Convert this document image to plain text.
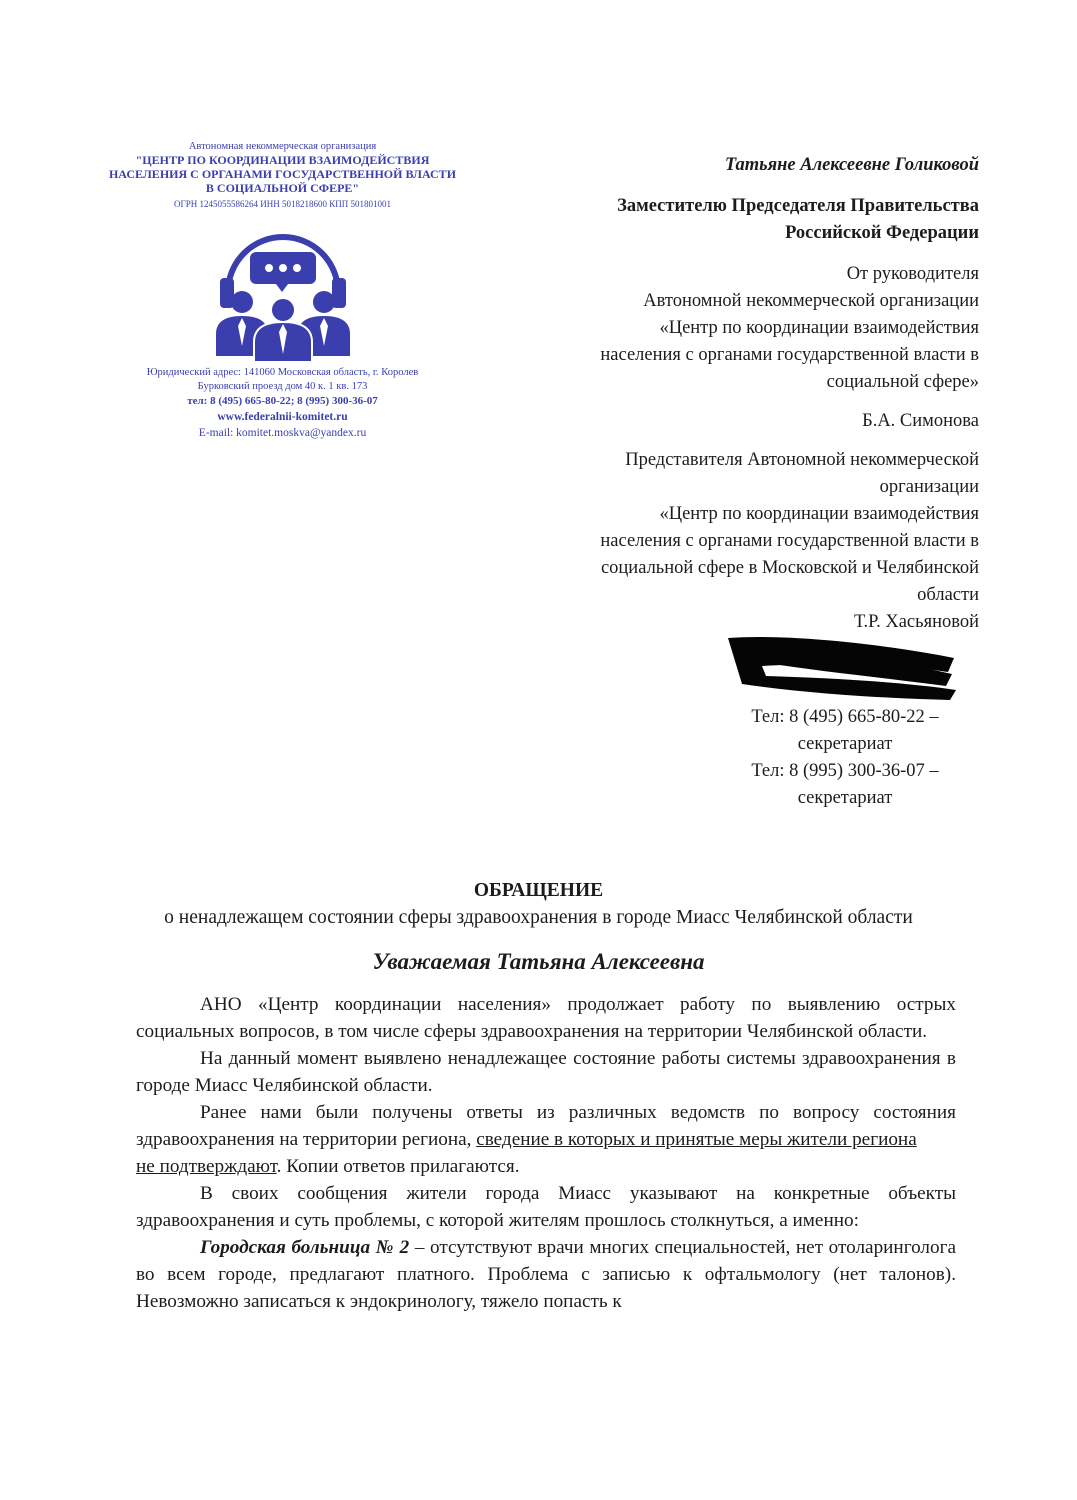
Автономная некоммерческая организация
"ЦЕНТР ПО КООРДИНАЦИИ ВЗАИМОДЕЙСТВИЯ
НАСЕЛЕНИЯ С ОРГАНАМИ ГОСУДАРСТВЕННОЙ ВЛАСТИ
В СОЦИАЛЬНОЙ СФЕРЕ"
ОГРН 1245055586264 ИНН 5018218600 КПП 501801001
Юридический адрес: 141060 Московская область, г. Королев
Бурковский проезд дом 40 к. 1 кв. 173
тел: 8 (495) 665-80-22; 8 (995) 300-36-07
www.federalnii-komitet.ru
E-mail: komitet.moskva@yandex.ru
Татьяне Алексеевне Голиковой
Заместителю Председателя Правительства
Российской Федерации
От руководителя
Автономной некоммерческой организации
«Центр по координации взаимодействия
населения с органами государственной власти в
социальной сфере»
Б.А. Симонова
Представителя Автономной некоммерческой
организации
«Центр по координации взаимодействия
населения с органами государственной власти в
социальной сфере в Московской и Челябинской
области
Т.Р. Хасьяновой
Тел: 8 (495) 665-80-22 –
секретариат
Тел: 8 (995) 300-36-07 –
секретариат
ОБРАЩЕНИЕ
о ненадлежащем состоянии сферы здравоохранения в городе Миасс Челябинской области
Уважаемая Татьяна Алексеевна

АНО «Центр координации населения» продолжает работу по выявлению острых социальных вопросов, в том числе сферы здравоохранения на территории Челябинской области.

На данный момент выявлено ненадлежащее состояние работы системы здравоохранения в городе Миасс Челябинской области.

Ранее нами были получены ответы из различных ведомств по вопросу состояния здравоохранения на территории региона, сведение в которых и принятые меры жители региона
не подтверждают. Копии ответов прилагаются.

В своих сообщения жители города Миасс указывают на конкретные объекты здравоохранения и суть проблемы, с которой жителям прошлось столкнуться, а именно:

Городская больница № 2 – отсутствуют врачи многих специальностей, нет отоларинголога во всем городе, предлагают платного. Проблема с записью к офтальмологу (нет талонов). Невозможно записаться к эндокринологу, тяжело попасть к
